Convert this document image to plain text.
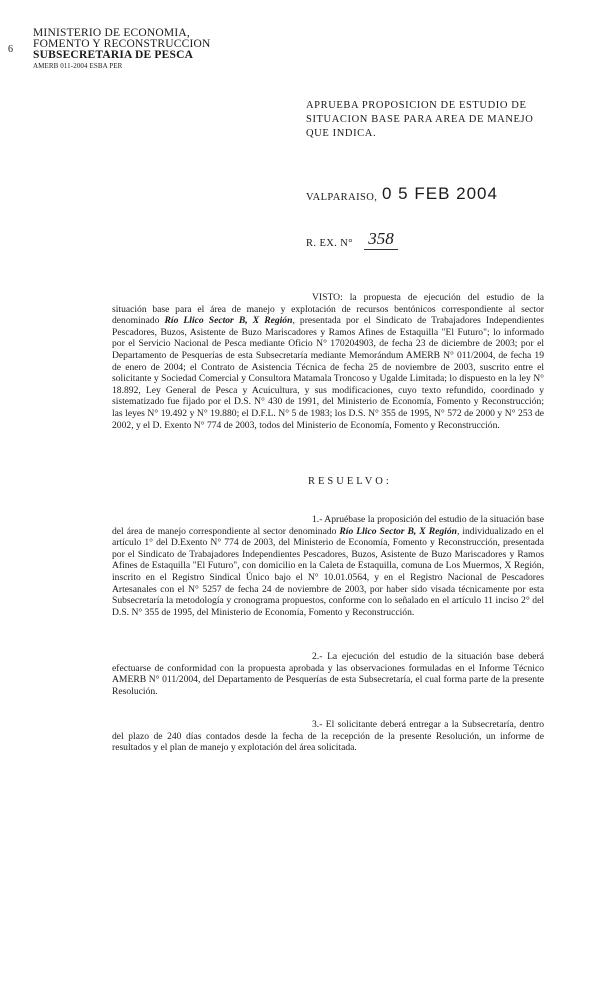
6
MINISTERIO DE ECONOMIA,
FOMENTO Y RECONSTRUCCION
SUBSECRETARIA DE PESCA
AMERB 011-2004 ESBA PER
APRUEBA PROPOSICION DE ESTUDIO DE SITUACION BASE PARA AREA DE MANEJO QUE INDICA.
VALPARAISO, 0 5 FEB 2004
R. EX. N° 358
VISTO: la propuesta de ejecución del estudio de la situación base para el área de manejo y explotación de recursos bentónicos correspondiente al sector denominado Río Llico Sector B, X Región, presentada por el Sindicato de Trabajadores Independientes Pescadores, Buzos, Asistente de Buzo Mariscadores y Ramos Afines de Estaquilla "El Futuro"; lo informado por el Servicio Nacional de Pesca mediante Oficio N° 170204903, de fecha 23 de diciembre de 2003; por el Departamento de Pesquerías de esta Subsecretaría mediante Memorándum AMERB N° 011/2004, de fecha 19 de enero de 2004; el Contrato de Asistencia Técnica de fecha 25 de noviembre de 2003, suscrito entre el solicitante y Sociedad Comercial y Consultora Matamala Troncoso y Ugalde Limitada; lo dispuesto en la ley N° 18.892, Ley General de Pesca y Acuicultura, y sus modificaciones, cuyo texto refundido, coordinado y sistematizado fue fijado por el D.S. N° 430 de 1991, del Ministerio de Economía, Fomento y Reconstrucción; las leyes N° 19.492 y N° 19.880; el D.F.L. N° 5 de 1983; los D.S. N° 355 de 1995, N° 572 de 2000 y N° 253 de 2002, y el D. Exento N° 774 de 2003, todos del Ministerio de Economía, Fomento y Reconstrucción.
RESUELVO:
1.- Apruébase la proposición del estudio de la situación base del área de manejo correspondiente al sector denominado Río Llico Sector B, X Región, individualizado en el artículo 1° del D.Exento N° 774 de 2003, del Ministerio de Economía, Fomento y Reconstrucción, presentada por el Sindicato de Trabajadores Independientes Pescadores, Buzos, Asistente de Buzo Mariscadores y Ramos Afines de Estaquilla "El Futuro", con domicilio en la Caleta de Estaquilla, comuna de Los Muermos, X Región, inscrito en el Registro Sindical Único bajo el N° 10.01.0564, y en el Registro Nacional de Pescadores Artesanales con el N° 5257 de fecha 24 de noviembre de 2003, por haber sido visada técnicamente por esta Subsecretaría la metodología y cronograma propuestos, conforme con lo señalado en el artículo 11 inciso 2° del D.S. N° 355 de 1995, del Ministerio de Economía, Fomento y Reconstrucción.
2.- La ejecución del estudio de la situación base deberá efectuarse de conformidad con la propuesta aprobada y las observaciones formuladas en el Informe Técnico AMERB N° 011/2004, del Departamento de Pesquerías de esta Subsecretaría, el cual forma parte de la presente Resolución.
3.- El solicitante deberá entregar a la Subsecretaría, dentro del plazo de 240 días contados desde la fecha de la recepción de la presente Resolución, un informe de resultados y el plan de manejo y explotación del área solicitada.
